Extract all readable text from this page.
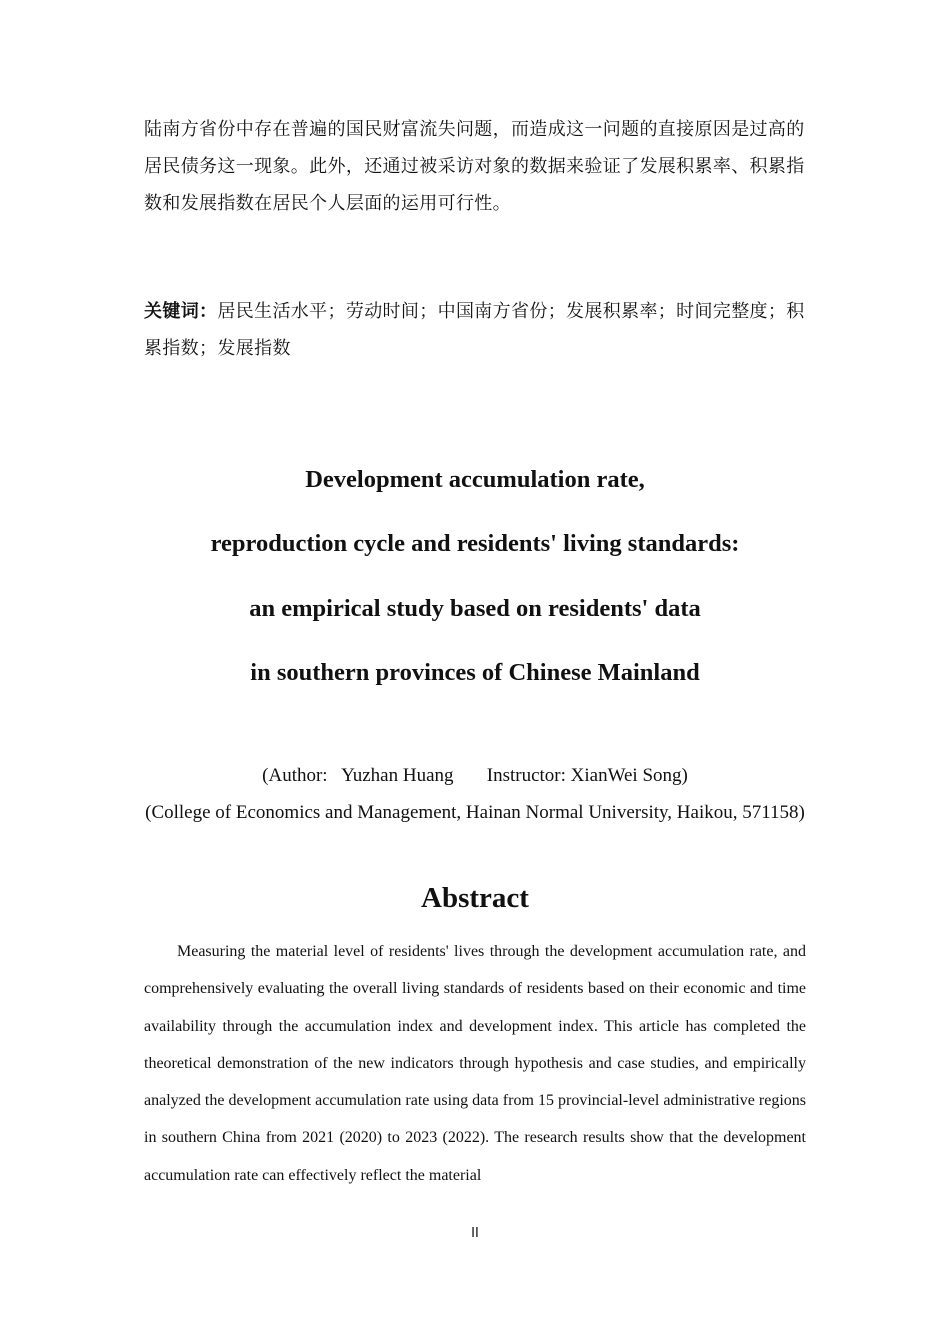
陆南方省份中存在普遍的国民财富流失问题，而造成这一问题的直接原因是过高的居民债务这一现象。此外，还通过被采访对象的数据来验证了发展积累率、积累指数和发展指数在居民个人层面的运用可行性。

关键词：居民生活水平；劳动时间；中国南方省份；发展积累率；时间完整度；积累指数；发展指数

Development accumulation rate,

reproduction cycle and residents' living standards:

an empirical study based on residents' data

in southern provinces of Chinese Mainland

(Author:   Yuzhan Huang       Instructor: XianWei Song)

(College of Economics and Management, Hainan Normal University, Haikou, 571158)

Abstract

Measuring the material level of residents' lives through the development accumulation rate, and comprehensively evaluating the overall living standards of residents based on their economic and time availability through the accumulation index and development index. This article has completed the theoretical demonstration of the new indicators through hypothesis and case studies, and empirically analyzed the development accumulation rate using data from 15 provincial-level administrative regions in southern China from 2021 (2020) to 2023 (2022). The research results show that the development accumulation rate can effectively reflect the material

II
